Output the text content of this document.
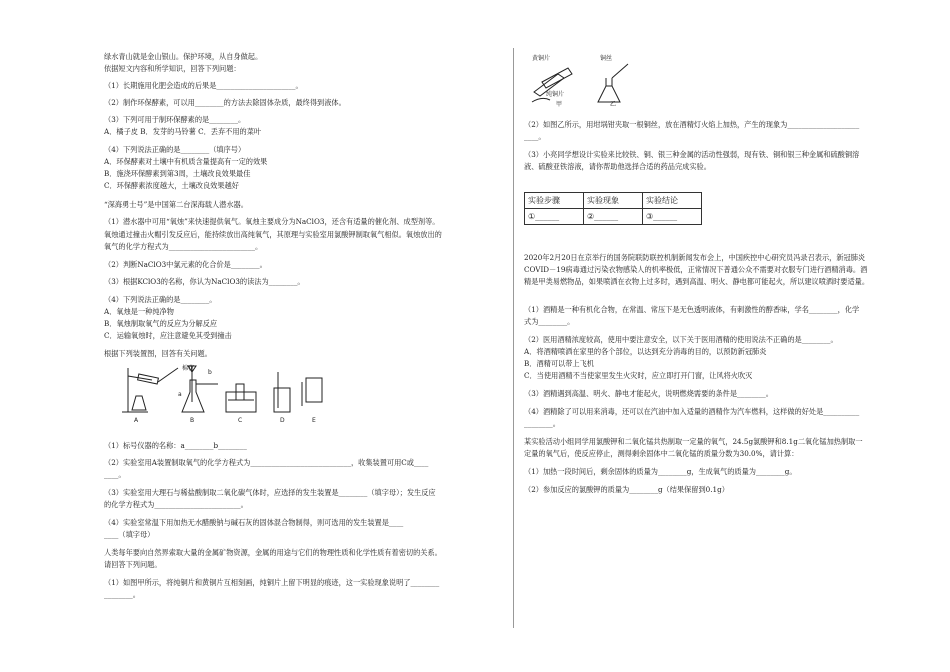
绿水青山就是金山银山。保护环境，从自身做起。
依据短文内容和所学知识，回答下列问题：
（1）长期施用化肥会造成的后果是______________________。
（2）制作环保酵素，可以用________的方法去除固体杂质，最终得到液体。
（3）下列可用于制环保酵素的是________。
A．橘子皮 B．发芽的马铃薯 C．丢弃不用的菜叶
（4）下列说法正确的是________（填序号）
A．环保酵素对土壤中有机质含量提高有一定的效果
B．施浇环保酵素到第3周，土壤改良效果最佳
C．环保酵素浓度越大，土壤改良效果越好
“深海勇士号”是中国第二台深海载人潜水器。
（1）潜水器中可用“氧烛”来快速提供氧气。氧烛主要成分为NaClO3，还含有适量的催化剂、成型剂等。
氧烛通过撞击火帽引发反应后，能持续放出高纯氧气，其原理与实验室用氯酸钾制取氧气相似。氧烛放出的
氧气的化学方程式为________________________。
（2）判断NaClO3中氯元素的化合价是________。
（3）根据KClO3的名称，你认为NaClO3的读法为________。
（4）下列说法正确的是________。
A．氧烛是一种纯净物
B．氧烛制取氧气的反应为分解反应
C．运输氧烛时，应注意避免其受到撞击
根据下列装置图，回答有关问题。
棉花
a
b
A	B	C	D	E
（1）标号仪器的名称：a________b________
（2）实验室用A装置制取氧气的化学方程式为____________________________，收集装置可用C或____
____。
（3）实验室用大理石与稀盐酸制取二氧化碳气体时，应选择的发生装置是________（填字母）；发生反应
的化学方程式为________________________。
（4）实验室常温下用加热无水醋酸钠与碱石灰的固体混合物制得，则可选用的发生装置是____
____（填字母）
人类每年要向自然界索取大量的金属矿物资源，金属的用途与它们的物理性质和化学性质有着密切的关系。
请回答下列问题。
（1）如图甲所示，将纯铜片和黄铜片互相刻画，纯铜片上留下明显的痕迹，这一实验现象说明了________
________。
黄铜片
纯铜片
甲	乙
铜丝
（2）如图乙所示，用坩埚钳夹取一根铜丝，放在酒精灯火焰上加热，产生的现象为____________________
____。
（3）小亮同学想设计实验来比较铁、铜、银三种金属的活动性强弱，现有铁、铜和银三种金属和硫酸铜溶
液、硫酸亚铁溶液，请你帮助他选择合适的药品完成实验。
实验步骤	实验现象	实验结论
①______	②______	③______
2020年2月20日在京举行的国务院联防联控机制新闻发布会上，中国疾控中心研究员冯录召表示，新冠肺炎
COVID－19病毒通过污染衣物感染人的机率极低，正常情况下普通公众不需要对衣服专门进行酒精消毒。酒
精是甲类易燃物品，如果喷洒在衣物上过多时，遇到高温、明火、静电都可能起火，所以建议喷洒时要适量。
（1）酒精是一种有机化合物，在常温、常压下是无色透明液体，有刺激性的醇香味，学名________，化学
式为________。
（2）医用酒精浓度较高，使用中要注意安全，以下关于医用酒精的使用说法不正确的是________。
A．将酒精喷洒在家里的各个部位，以达到充分消毒的目的，以预防新冠肺炎
B．酒精可以带上飞机
C．当使用酒精不当使家里发生火灾时，应立即打开门窗，让风将火吹灭
（3）酒精遇到高温、明火、静电才能起火，说明燃烧需要的条件是________。
（4）酒精除了可以用来消毒，还可以在汽油中加入适量的酒精作为汽车燃料，这样做的好处是__________
________。
某实验活动小组同学用氯酸钾和二氧化锰共热制取一定量的氧气，24.5g氯酸钾和8.1g二氧化锰加热制取一
定量的氧气后，使反应停止，测得剩余固体中二氧化锰的质量分数为30.0%，请计算：
（1）加热一段时间后，剩余固体的质量为________g，生成氧气的质量为________g。
（2）参加反应的氯酸钾的质量为________g（结果保留到0.1g）
